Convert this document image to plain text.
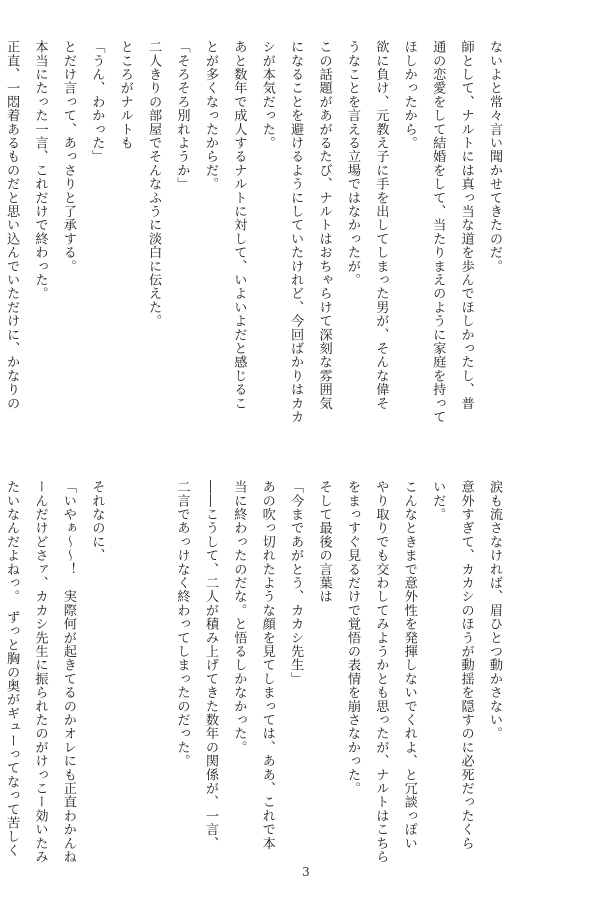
ないよと常々言い聞かせてきたのだ。

師として、ナルトには真っ当な道を歩んでほしかったし、普

通の恋愛をして結婚をして、当たりまえのように家庭を持って

ほしかったから。

欲に負け、元教え子に手を出してしまった男が、そんな偉そ

うなことを言える立場ではなかったが。

この話題があがるたび、ナルトはおちゃらけて深刻な雰囲気

になることを避けるようにしていたけれど、今回ばかりはカカ

シが本気だった。

あと数年で成人するナルトに対して、いよいよだと感じるこ

とが多くなったからだ。

「そろそろ別れようか」

二人きりの部屋でそんなふうに淡白に伝えた。

ところがナルトも

「うん、わかった」

とだけ言って、あっさりと了承する。

本当にたった一言、これだけで終わった。

正直、一悶着あるものだと思い込んでいただけに、かなりの

涙も流さなければ、眉ひとつ動かさない。

意外すぎて、カカシのほうが動揺を隠すのに必死だったくら

いだ。

こんなときまで意外性を発揮しないでくれよ、と冗談っぽい

やり取りでも交わしてみようかとも思ったが、ナルトはこちら

をまっすぐ見るだけで覚悟の表情を崩さなかった。

そして最後の言葉は

「今まであがとう、カカシ先生」

あの吹っ切れたような顔を見てしまっては、ああ、これで本

当に終わったのだな。と悟るしかなかった。

――こうして、二人が積み上げてきた数年の関係が、一言、

二言であっけなく終わってしまったのだった。

それなのに、

「いやぁ～～！　実際何が起きてるのかオレにも正直わかんね

ーんだけどさァ、カカシ先生に振られたのがけっこー効いたみ

たいなんだよねっ。　ずっと胸の奥がギューってなって苦しく

3
